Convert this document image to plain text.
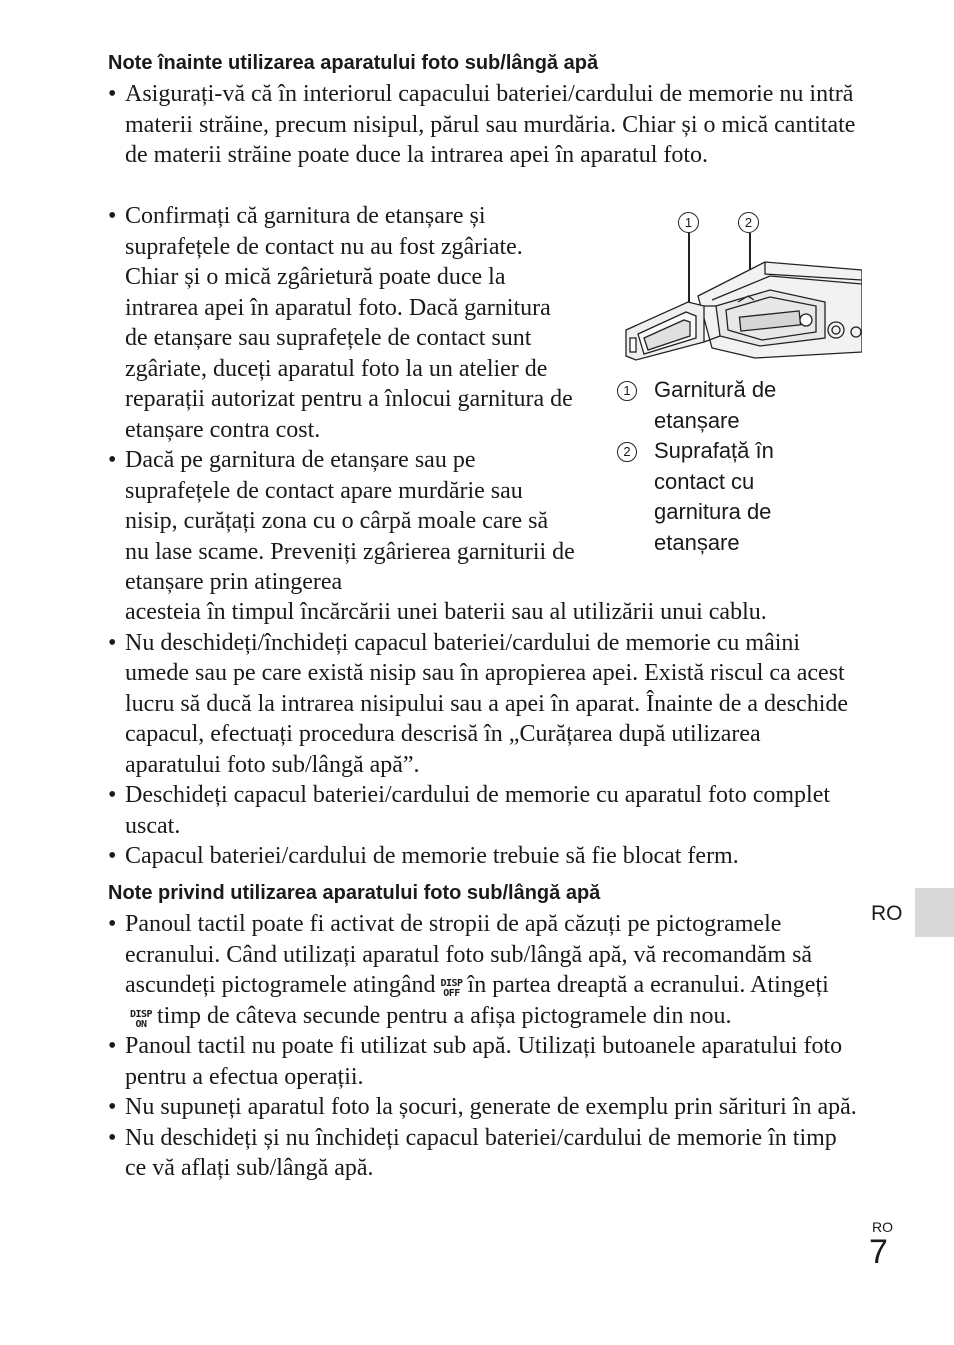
Note înainte utilizarea aparatului foto sub/lângă apă

• Asigurați-vă că în interiorul capacului bateriei/cardului de memorie nu intră materii străine, precum nisipul, părul sau murdăria. Chiar și o mică cantitate de materii străine poate duce la intrarea apei în aparatul foto.

• Confirmați că garnitura de etanșare și suprafețele de contact nu au fost zgâriate. Chiar și o mică zgârietură poate duce la intrarea apei în aparatul foto. Dacă garnitura de etanșare sau suprafețele de contact sunt zgâriate, duceți aparatul foto la un atelier de reparații autorizat pentru a înlocui garnitura de etanșare contra cost.

• Dacă pe garnitura de etanșare sau pe suprafețele de contact apare murdărie sau nisip, curățați zona cu o cârpă moale care să nu lase scame. Preveniți zgârierea garniturii de etanșare prin atingerea

acesteia în timpul încărcării unei baterii sau al utilizării unui cablu.

• Nu deschideți/închideți capacul bateriei/cardului de memorie cu mâini umede sau pe care există nisip sau în apropierea apei. Există riscul ca acest lucru să ducă la intrarea nisipului sau a apei în aparat. Înainte de a deschide capacul, efectuați procedura descrisă în „Curățarea după utilizarea aparatului foto sub/lângă apă”.

• Deschideți capacul bateriei/cardului de memorie cu aparatul foto complet uscat.

• Capacul bateriei/cardului de memorie trebuie să fie blocat ferm.

1	2

1 Garnitură de etanșare

2 Suprafață în contact cu garnitura de etanșare

Note privind utilizarea aparatului foto sub/lângă apă

• Panoul tactil poate fi activat de stropii de apă căzuți pe pictogramele ecranului. Când utilizați aparatul foto sub/lângă apă, vă recomandăm să ascundeți pictogramele atingând DISP
OFF în partea dreaptă a ecranului. Atingeți
DISP
ON timp de câteva secunde pentru a afișa pictogramele din nou.

• Panoul tactil nu poate fi utilizat sub apă. Utilizați butoanele aparatului foto pentru a efectua operații.

• Nu supuneți aparatul foto la șocuri, generate de exemplu prin sărituri în apă.

• Nu deschideți și nu închideți capacul bateriei/cardului de memorie în timp ce vă aflați sub/lângă apă.

RO
RO
7
